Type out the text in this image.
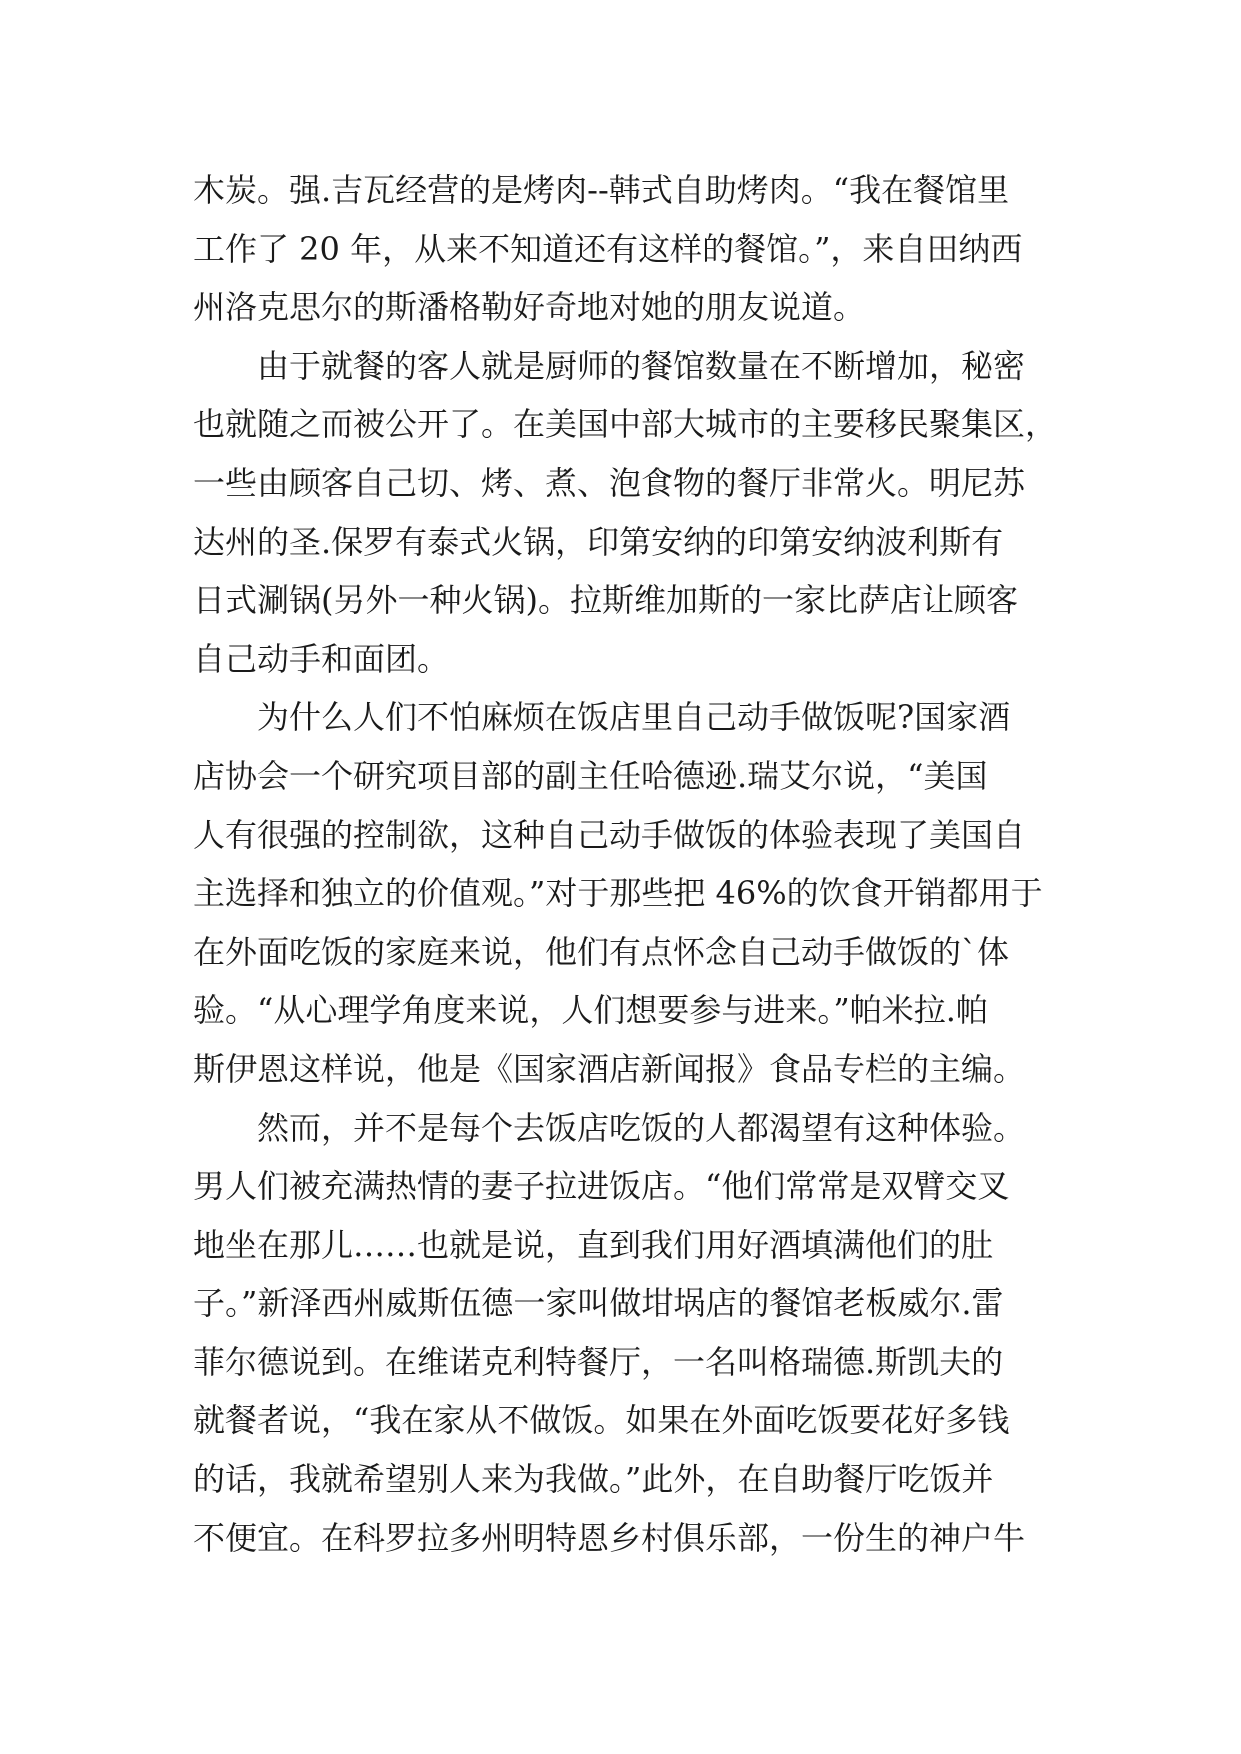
木炭。强.吉瓦经营的是烤肉--韩式自助烤肉。“我在餐馆里
工作了 20 年，从来不知道还有这样的餐馆。”，来自田纳西
州洛克思尔的斯潘格勒好奇地对她的朋友说道。
由于就餐的客人就是厨师的餐馆数量在不断增加，秘密
也就随之而被公开了。在美国中部大城市的主要移民聚集区，
一些由顾客自己切、烤、煮、泡食物的餐厅非常火。明尼苏
达州的圣.保罗有泰式火锅，印第安纳的印第安纳波利斯有
日式涮锅(另外一种火锅)。拉斯维加斯的一家比萨店让顾客
自己动手和面团。
为什么人们不怕麻烦在饭店里自己动手做饭呢?国家酒
店协会一个研究项目部的副主任哈德逊.瑞艾尔说，“美国
人有很强的控制欲，这种自己动手做饭的体验表现了美国自
主选择和独立的价值观。”对于那些把 46%的饮食开销都用于
在外面吃饭的家庭来说，他们有点怀念自己动手做饭的`体
验。“从心理学角度来说，人们想要参与进来。”帕米拉.帕
斯伊恩这样说，他是《国家酒店新闻报》食品专栏的主编。
然而，并不是每个去饭店吃饭的人都渴望有这种体验。
男人们被充满热情的妻子拉进饭店。“他们常常是双臂交叉
地坐在那儿……也就是说，直到我们用好酒填满他们的肚
子。”新泽西州威斯伍德一家叫做坩埚店的餐馆老板威尔.雷
菲尔德说到。在维诺克利特餐厅，一名叫格瑞德.斯凯夫的
就餐者说，“我在家从不做饭。如果在外面吃饭要花好多钱
的话，我就希望别人来为我做。”此外，在自助餐厅吃饭并
不便宜。在科罗拉多州明特恩乡村俱乐部，一份生的神户牛
